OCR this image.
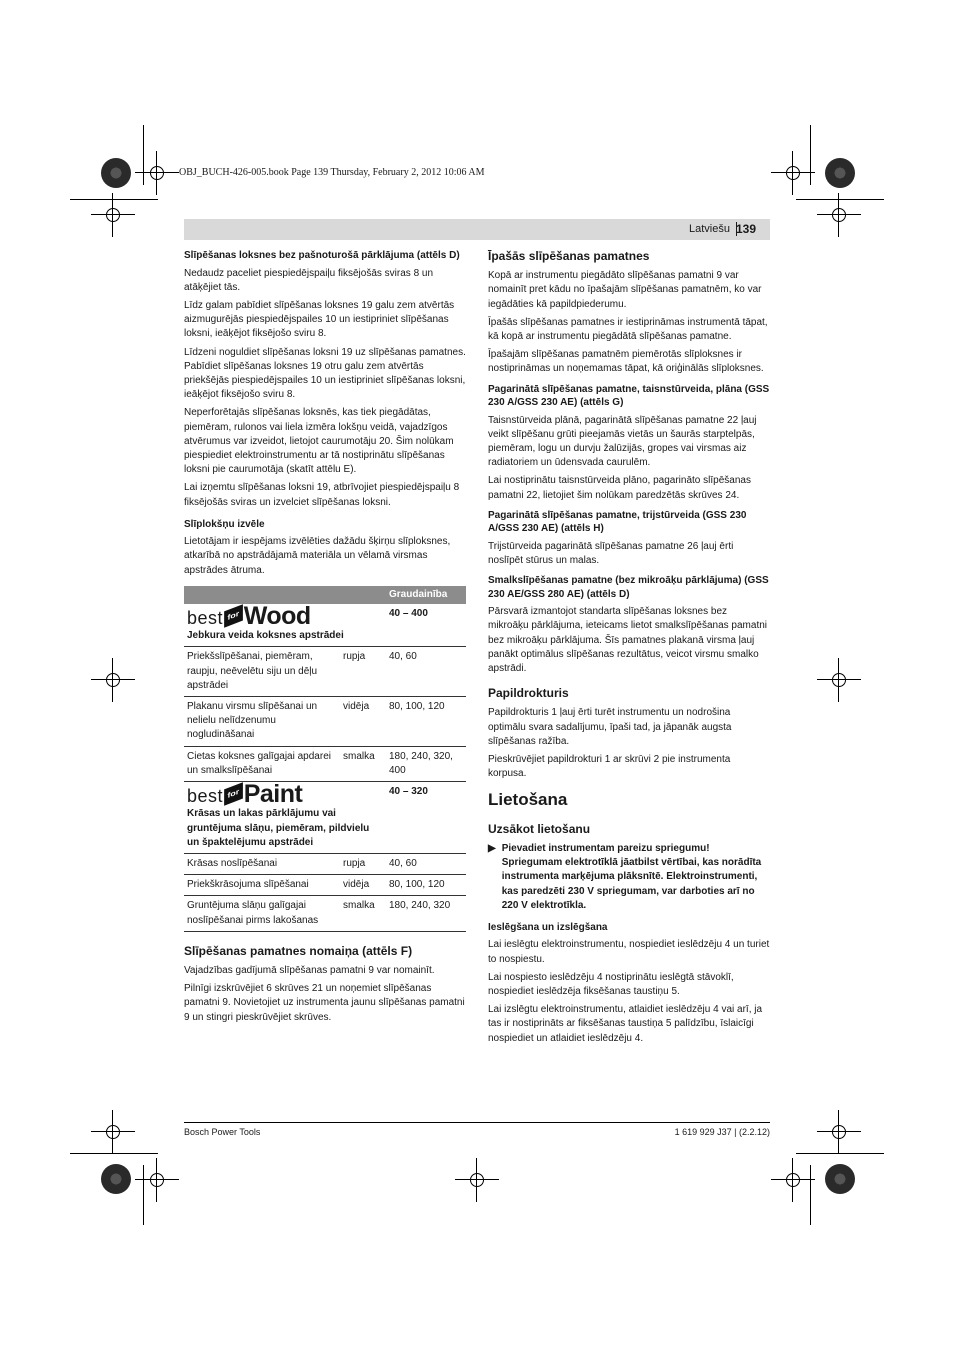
OBJ_BUCH-426-005.book Page 139 Thursday, February 2, 2012 10:06 AM
Latviešu 139
Slīpēšanas loksnes bez pašnoturošā pārklājuma (attēls D)

Nedaudz paceliet piespiedējspaiļu fiksējošās sviras 8 un atāķējiet tās.

Līdz galam pabīdiet slīpēšanas loksnes 19 galu zem atvērtās aizmugurējās piespiedējspailes 10 un iestipriniet slīpēšanas loksni, ieāķējot fiksējošo sviru 8.

Līdzeni noguldiet slīpēšanas loksni 19 uz slīpēšanas pamatnes. Pabīdiet slīpēšanas loksnes 19 otru galu zem atvērtās priekšējās piespiedējspailes 10 un iestipriniet slīpēšanas loksni, ieāķējot fiksējošo sviru 8.

Neperforētajās slīpēšanas loksnēs, kas tiek piegādātas, piemēram, rulonos vai liela izmēra lokšņu veidā, vajadzīgos atvērumus var izveidot, lietojot caurumotāju 20. Šim nolūkam piespiediet elektroinstrumentu ar tā nostiprinātu slīpēšanas loksni pie caurumotāja (skatīt attēlu E).

Lai izņemtu slīpēšanas loksni 19, atbrīvojiet piespiedējspaiļu 8 fiksējošās sviras un izvelciet slīpēšanas loksni.

Slīplokšņu izvēle

Lietotājam ir iespējams izvēlēties dažādu šķirņu slīploksnes, atkarībā no apstrādājamā materiāla un vēlamā virsmas apstrādes ātruma.

		Graudainība

best for Wood
Jebkura veida koksnes apstrādei		40 – 400
Priekšslīpēšanai, piemēram, raupju, neēvelētu siju un dēļu apstrādei	rupja	40, 60
Plakanu virsmu slīpēšanai un nelielu nelīdzenumu nogludināšanai	vidēja	80, 100, 120
Cietas koksnes galīgajai apdarei un smalkslīpēšanai	smalka	180, 240, 320, 400

best for Paint
Krāsas un lakas pārklājumu vai gruntējuma slāņu, piemēram, pildvielu un špaktelējumu apstrādei		40 – 320
Krāsas noslīpēšanai	rupja	40, 60
Priekškrāsojuma slīpēšanai	vidēja	80, 100, 120
Gruntējuma slāņu galīgajai noslīpēšanai pirms lakošanas	smalka	180, 240, 320
Slīpēšanas pamatnes nomaiņa (attēls F)

Vajadzības gadījumā slīpēšanas pamatni 9 var nomainīt.

Pilnīgi izskrūvējiet 6 skrūves 21 un noņemiet slīpēšanas pamatni 9. Novietojiet uz instrumenta jaunu slīpēšanas pamatni 9 un stingri pieskrūvējiet skrūves.

Īpašās slīpēšanas pamatnes

Kopā ar instrumentu piegādāto slīpēšanas pamatni 9 var nomainīt pret kādu no īpašajām slīpēšanas pamatnēm, ko var iegādāties kā papildpiederumu.

Īpašās slīpēšanas pamatnes ir iestiprināmas instrumentā tāpat, kā kopā ar instrumentu piegādātā slīpēšanas pamatne.

Īpašajām slīpēšanas pamatnēm piemērotās slīploksnes ir nostiprināmas un noņemamas tāpat, kā oriģinālās slīploksnes.

Pagarinātā slīpēšanas pamatne, taisnstūrveida, plāna (GSS 230 A/GSS 230 AE) (attēls G)

Taisnstūrveida plānā, pagarinātā slīpēšanas pamatne 22 ļauj veikt slīpēšanu grūti pieejamās vietās un šaurās starptelpās, piemēram, logu un durvju žalūzijās, gropes vai virsmas aiz radiatoriem un ūdensvada caurulēm.

Lai nostiprinātu taisnstūrveida plāno, pagarināto slīpēšanas pamatni 22, lietojiet šim nolūkam paredzētās skrūves 24.

Pagarinātā slīpēšanas pamatne, trijstūrveida (GSS 230 A/GSS 230 AE) (attēls H)

Trijstūrveida pagarinātā slīpēšanas pamatne 26 ļauj ērti noslīpēt stūrus un malas.

Smalkslīpēšanas pamatne (bez mikroāķu pārklājuma) (GSS 230 AE/GSS 280 AE) (attēls D)

Pārsvarā izmantojot standarta slīpēšanas loksnes bez mikroāķu pārklājuma, ieteicams lietot smalkslīpēšanas pamatni bez mikroāķu pārklājuma. Šīs pamatnes plakanā virsma ļauj panākt optimālus slīpēšanas rezultātus, veicot virsmu smalko apstrādi.

Papildrokturis

Papildrokturis 1 ļauj ērti turēt instrumentu un nodrošina optimālu svara sadalījumu, īpaši tad, ja jāpanāk augsta slīpēšanas ražība.

Pieskrūvējiet papildrokturi 1 ar skrūvi 2 pie instrumenta korpusa.

Lietošana
Uzsākot lietošanu
▶ Pievadiet instrumentam pareizu spriegumu! Spriegumam elektrotīklā jāatbilst vērtībai, kas norādīta instrumenta marķējuma plāksnītē. Elektroinstrumenti, kas paredzēti 230 V spriegumam, var darboties arī no 220 V elektrotīkla.
Ieslēgšana un izslēgšana

Lai ieslēgtu elektroinstrumentu, nospiediet ieslēdzēju 4 un turiet to nospiestu.

Lai nospiesto ieslēdzēju 4 nostiprinātu ieslēgtā stāvoklī, nospiediet ieslēdzēja fiksēšanas taustiņu 5.

Lai izslēgtu elektroinstrumentu, atlaidiet ieslēdzēju 4 vai arī, ja tas ir nostiprināts ar fiksēšanas taustiņa 5 palīdzību, īslaicīgi nospiediet un atlaidiet ieslēdzēju 4.

Bosch Power Tools	1 619 929 J37 | (2.2.12)
